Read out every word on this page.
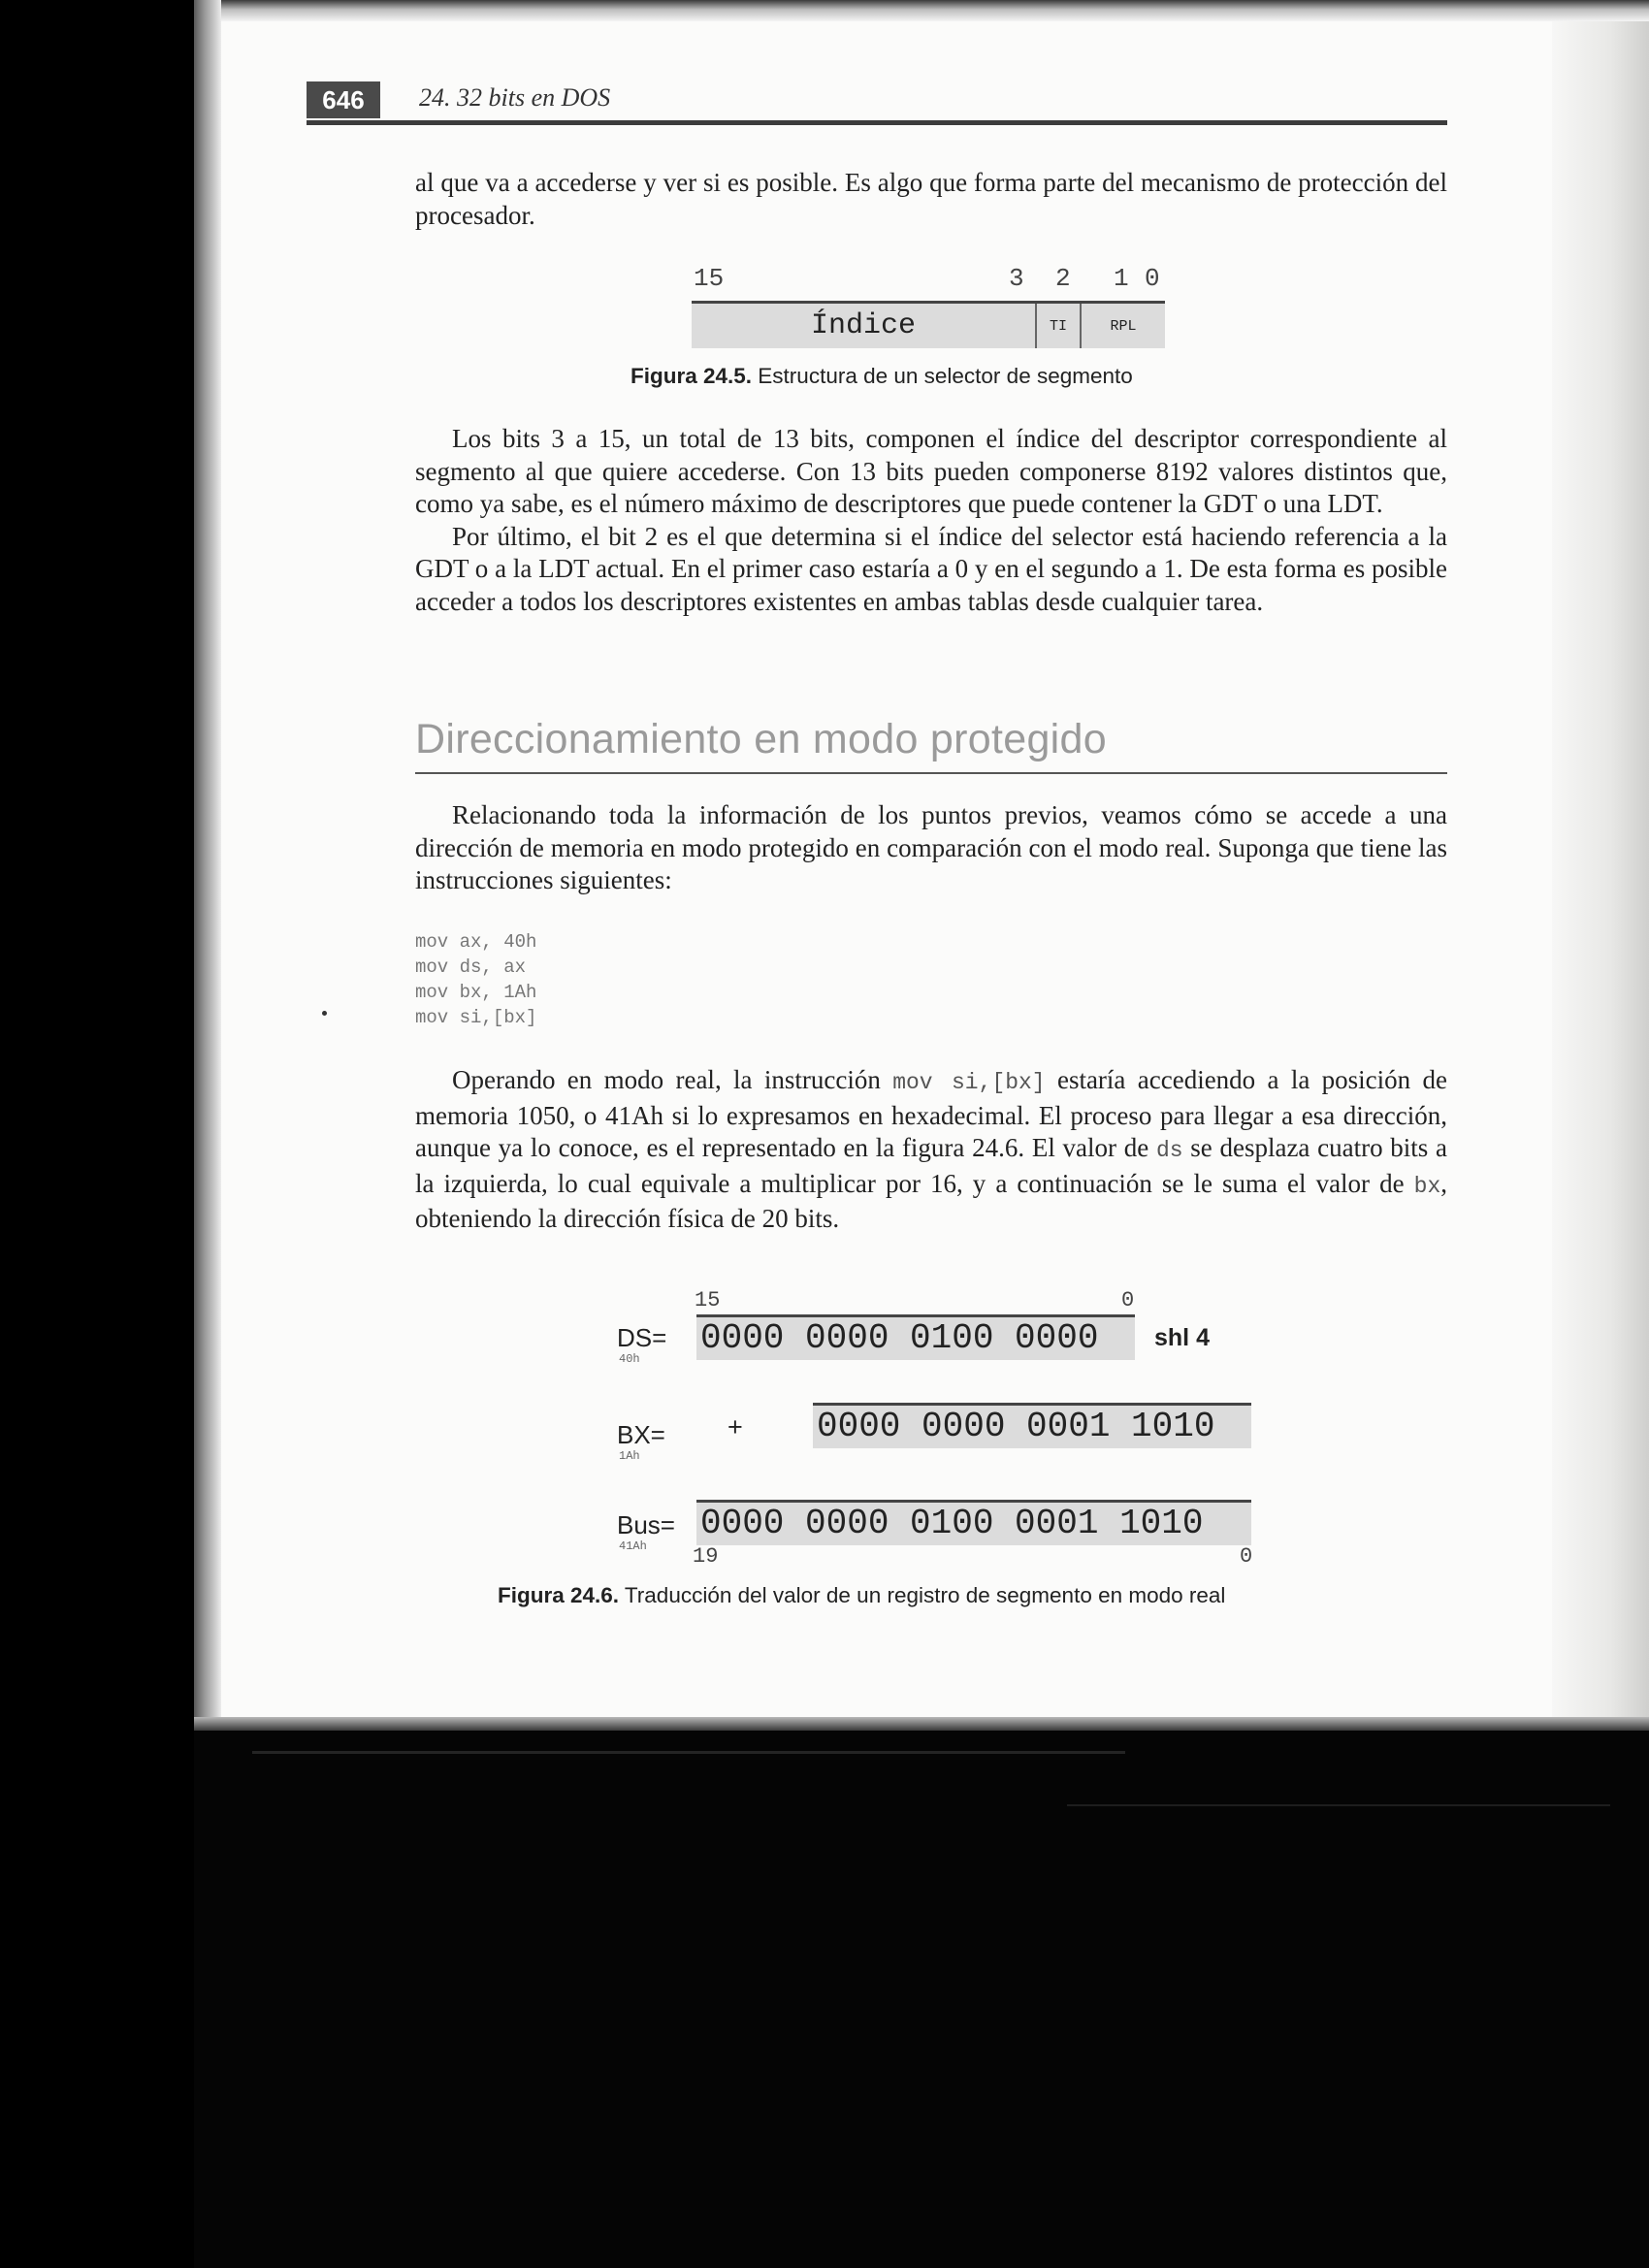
646	24. 32 bits en DOS

al que va a accederse y ver si es posible. Es algo que forma parte del mecanismo de protección del procesador.

15	3 2 1 0
Índice	TI	RPL
Figura 24.5. Estructura de un selector de segmento

Los bits 3 a 15, un total de 13 bits, componen el índice del descriptor correspondiente al segmento al que quiere accederse. Con 13 bits pueden componerse 8192 valores distintos que, como ya sabe, es el número máximo de descriptores que puede contener la GDT o una LDT.

Por último, el bit 2 es el que determina si el índice del selector está haciendo referencia a la GDT o a la LDT actual. En el primer caso estaría a 0 y en el segundo a 1. De esta forma es posible acceder a todos los descriptores existentes en ambas tablas desde cualquier tarea.

Direccionamiento en modo protegido

Relacionando toda la información de los puntos previos, veamos cómo se accede a una dirección de memoria en modo protegido en comparación con el modo real. Suponga que tiene las instrucciones siguientes:

mov ax, 40h
mov ds, ax
mov bx, 1Ah
mov si,[bx]

Operando en modo real, la instrucción mov si,[bx] estaría accediendo a la posición de memoria 1050, o 41Ah si lo expresamos en hexadecimal. El proceso para llegar a esa dirección, aunque ya lo conoce, es el representado en la figura 24.6. El valor de ds se desplaza cuatro bits a la izquierda, lo cual equivale a multiplicar por 16, y a continuación se le suma el valor de bx, obteniendo la dirección física de 20 bits.

15	0
DS=
40h
0000 0000 0100 0000	shl 4
BX=
1Ah
+ 0000 0000 0001 1010
Bus=
41Ah
0000 0000 0100 0001 1010
19	0
Figura 24.6. Traducción del valor de un registro de segmento en modo real
